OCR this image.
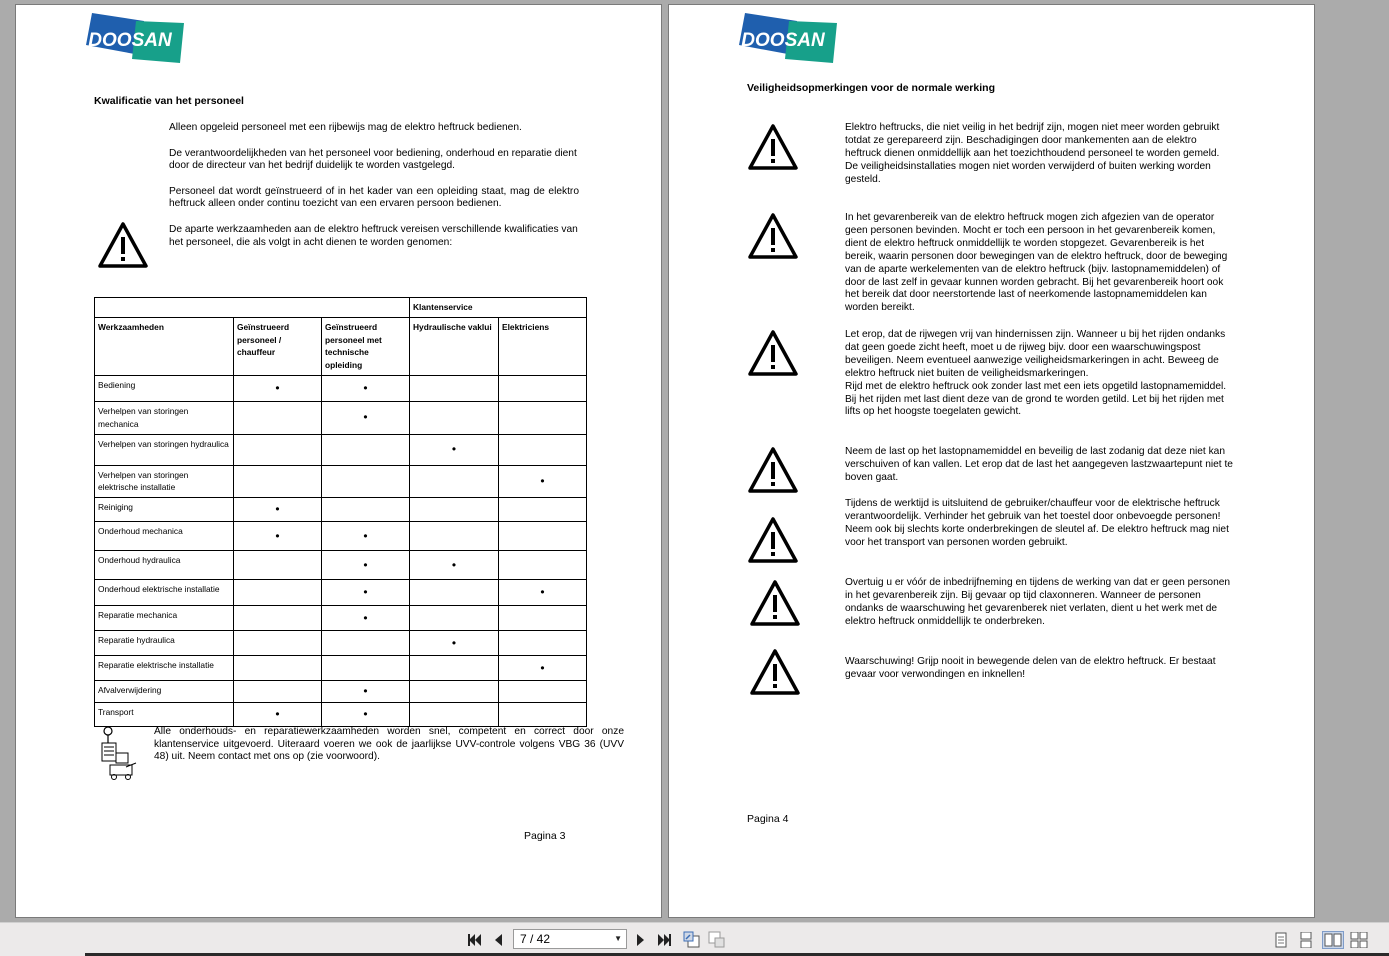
DOOSAN
Kwalificatie van het personeel

Alleen opgeleid personeel met een rijbewijs mag de elektro heftruck bedienen.

De verantwoordelijkheden van het personeel voor bediening, onderhoud en reparatie dient door de directeur van het bedrijf duidelijk te worden vastgelegd.

Personeel dat wordt geïnstrueerd of in het kader van een opleiding staat, mag de elektro heftruck alleen onder continu toezicht van een ervaren persoon bedienen.

De aparte werkzaamheden aan de elektro heftruck vereisen verschillende kwalificaties van het personeel, die als volgt in acht dienen te worden genomen:

			Klantenservice	
Werkzaamheden	Geïnstrueerd personeel / chauffeur	Geïnstrueerd personeel met technische opleiding	Hydraulische vaklui	Elektriciens
Bediening	•	•		
Verhelpen van storingen mechanica		•		
Verhelpen van storingen hydraulica			•	
Verhelpen van storingen elektrische installatie				•
Reiniging	•			
Onderhoud mechanica	•	•		
Onderhoud hydraulica		•	•	
Onderhoud elektrische installatie		•		•
Reparatie mechanica		•		
Reparatie hydraulica			•	
Reparatie elektrische installatie				•
Afvalverwijdering		•		
Transport	•	•		
Alle onderhouds- en reparatiewerkzaamheden worden snel, competent en correct door onze klantenservice uitgevoerd. Uiteraard voeren we ook de jaarlijkse UVV-controle volgens VBG 36 (UVV 48) uit. Neem contact met ons op (zie voorwoord).
Pagina 3
DOOSAN
Veiligheidsopmerkingen voor de normale werking
Elektro heftrucks, die niet veilig in het bedrijf zijn, mogen niet meer worden gebruikt totdat ze gerepareerd zijn. Beschadigingen door mankementen aan de elektro heftruck dienen onmiddellijk aan het toezichthoudend personeel te worden gemeld.
De veiligheidsinstallaties mogen niet worden verwijderd of buiten werking worden gesteld.
In het gevarenbereik van de elektro heftruck mogen zich afgezien van de operator geen personen bevinden. Mocht er toch een persoon in het gevarenbereik komen, dient de elektro heftruck onmiddellijk te worden stopgezet. Gevarenbereik is het bereik, waarin personen door bewegingen van de elektro heftruck, door de beweging van de aparte werkelementen van de elektro heftruck (bijv. lastopnamemiddelen) of door de last zelf in gevaar kunnen worden gebracht. Bij het gevarenbereik hoort ook het bereik dat door neerstortende last of neerkomende lastopnamemiddelen kan worden bereikt.
Let erop, dat de rijwegen vrij van hindernissen zijn. Wanneer u bij het rijden ondanks dat geen goede zicht heeft, moet u de rijweg bijv. door een waarschuwingspost beveiligen. Neem eventueel aanwezige veiligheidsmarkeringen in acht. Beweeg de elektro heftruck niet buiten de veiligheidsmarkeringen.
Rijd met de elektro heftruck ook zonder last met een iets opgetild lastopnamemiddel. Bij het rijden met last dient deze van de grond te worden getild. Let bij het rijden met lifts op het hoogste toegelaten gewicht.
Neem de last op het lastopnamemiddel en beveilig de last zodanig dat deze niet kan verschuiven of kan vallen. Let erop dat de last het aangegeven lastzwaartepunt niet te boven gaat.
Tijdens de werktijd is uitsluitend de gebruiker/chauffeur voor de elektrische heftruck verantwoordelijk. Verhinder het gebruik van het toestel door onbevoegde personen! Neem ook bij slechts korte onderbrekingen de sleutel af. De elektro heftruck mag niet voor het transport van personen worden gebruikt.
Overtuig u er vóór de inbedrijfneming en tijdens de werking van dat er geen personen in het gevarenbereik zijn. Bij gevaar op tijd claxonneren. Wanneer de personen ondanks de waarschuwing het gevarenberek niet verlaten, dient u het werk met de elektro heftruck onmiddellijk te onderbreken.
Waarschuwing! Grijp nooit in bewegende delen van de elektro heftruck. Er bestaat gevaar voor verwondingen en inknellen!
Pagina 4
7 / 42	▼
